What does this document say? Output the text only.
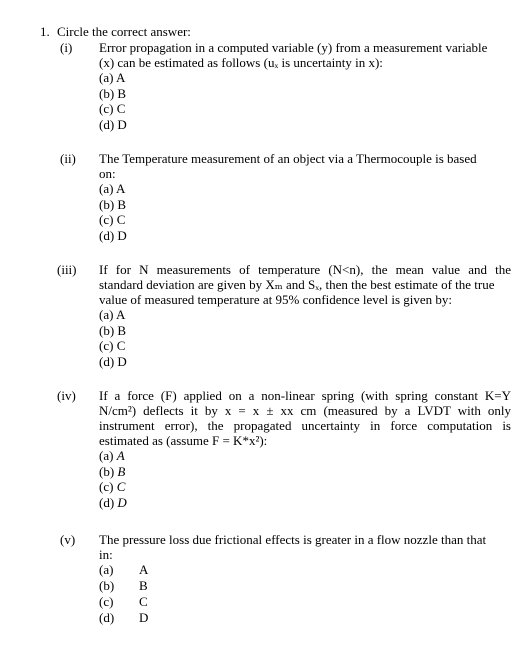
1. Circle the correct answer:
(i) Error propagation in a computed variable (y) from a measurement variable

(x) can be estimated as follows (uₓ is uncertainty in x):

(a) A
(b) B
(c) C
(d) D
(ii) The Temperature measurement of an object via a Thermocouple is based

on:

(a) A
(b) B
(c) C
(d) D
(iii) If for N measurements of temperature (N<n), the mean value and the

standard deviation are given by Xₘ and Sₓ, then the best estimate of the true

value of measured temperature at 95% confidence level is given by:

(a) A
(b) B
(c) C
(d) D
(iv) If a force (F) applied on a non-linear spring (with spring constant K=Y

N/cm²) deflects it by x = x ± xx cm (measured by a LVDT with only

instrument error), the propagated uncertainty in force computation is

estimated as (assume F = K*x²):

(a) A
(b) B
(c) C
(d) D
(v) The pressure loss due frictional effects is greater in a flow nozzle than that

in:

(a) A
(b) B
(c) C
(d) D
